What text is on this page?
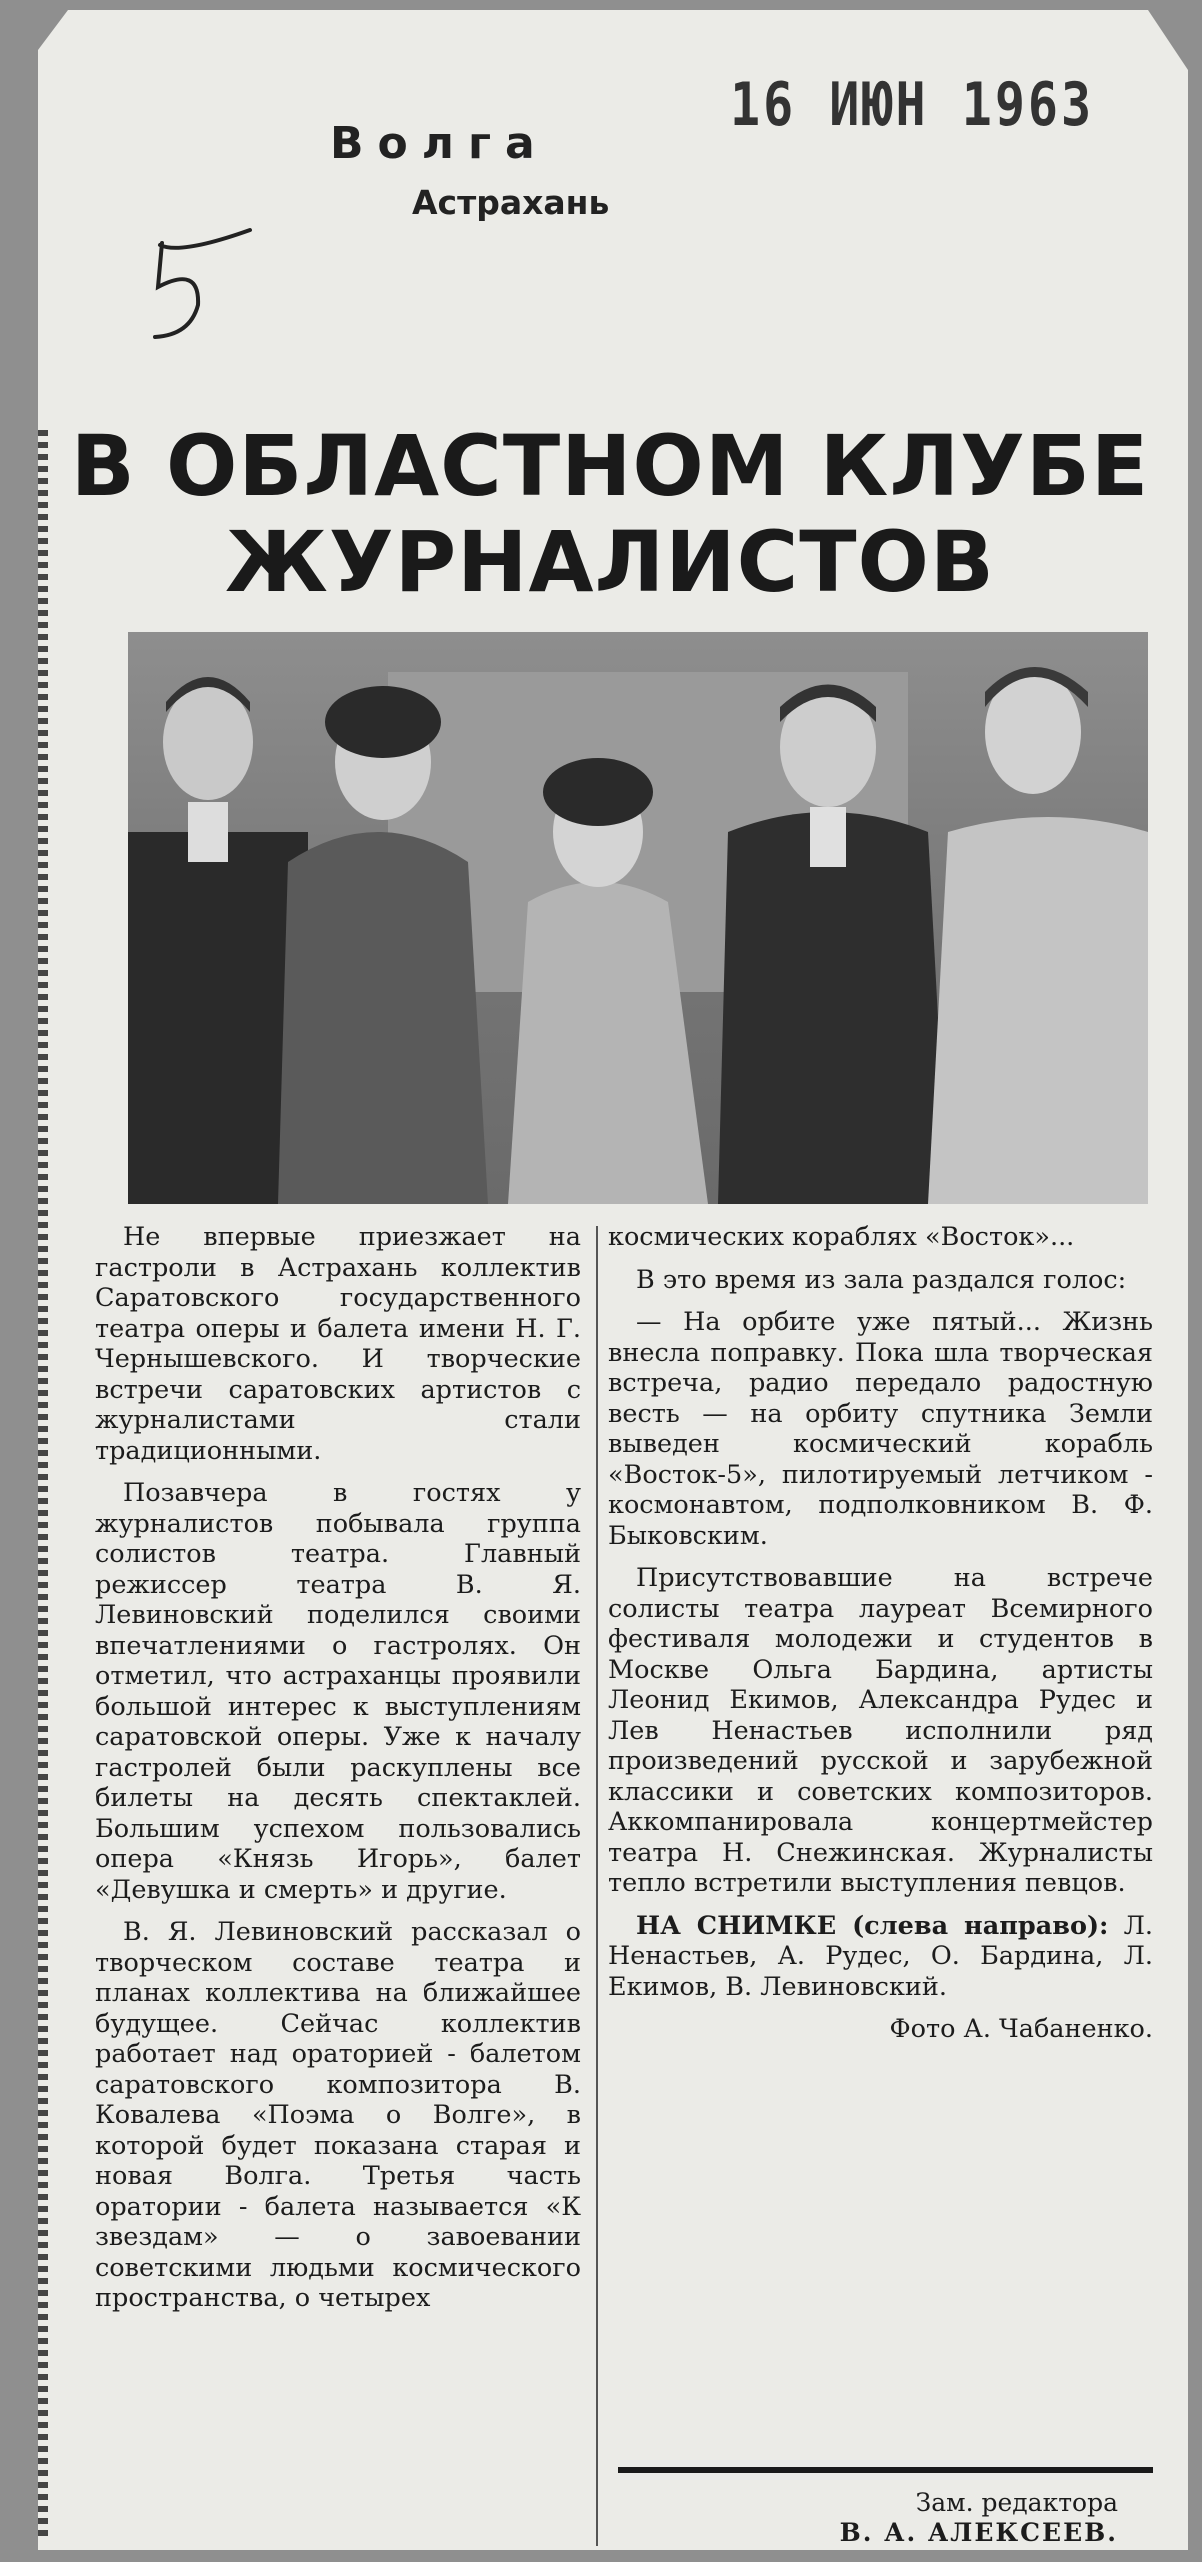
Волга
Астрахань
16 ИЮН 1963
В ОБЛАСТНОМ КЛУБЕ
ЖУРНАЛИСТОВ

Не впервые приезжает на гастроли в Астрахань коллектив Саратовского государственного театра оперы и балета имени Н. Г. Чернышевского. И творческие встречи саратовских артистов с журналистами стали традиционными.

Позавчера в гостях у журналистов побывала группа солистов театра. Главный режиссер театра В. Я. Левиновский поделился своими впечатлениями о гастролях. Он отметил, что астраханцы проявили большой интерес к выступлениям саратовской оперы. Уже к началу гастролей были раскуплены все билеты на десять спектаклей. Большим успехом пользовались опера «Князь Игорь», балет «Девушка и смерть» и другие.

В. Я. Левиновский рассказал о творческом составе театра и планах коллектива на ближайшее будущее. Сейчас коллектив работает над ораторией - балетом саратовского композитора В. Ковалева «Поэма о Волге», в которой будет показана старая и новая Волга. Третья часть оратории - балета называется «К звездам» — о завоевании советскими людьми космического пространства, о четырех

космических кораблях «Восток»...

В это время из зала раздался голос:

— На орбите уже пятый... Жизнь внесла поправку. Пока шла творческая встреча, радио передало радостную весть — на орбиту спутника Земли выведен космический корабль «Восток-5», пилотируемый летчиком - космонавтом, подполковником В. Ф. Быковским.

Присутствовавшие на встрече солисты театра лауреат Всемирного фестиваля молодежи и студентов в Москве Ольга Бардина, артисты Леонид Екимов, Александра Рудес и Лев Ненастьев исполнили ряд произведений русской и зарубежной классики и советских композиторов. Аккомпанировала концертмейстер театра Н. Снежинская. Журналисты тепло встретили выступления певцов.

НА СНИМКЕ (слева направо): Л. Ненастьев, А. Рудес, О. Бардина, Л. Екимов, В. Левиновский.

Фото А. Чабаненко.
Зам. редактора
В. А. АЛЕКСЕЕВ.
